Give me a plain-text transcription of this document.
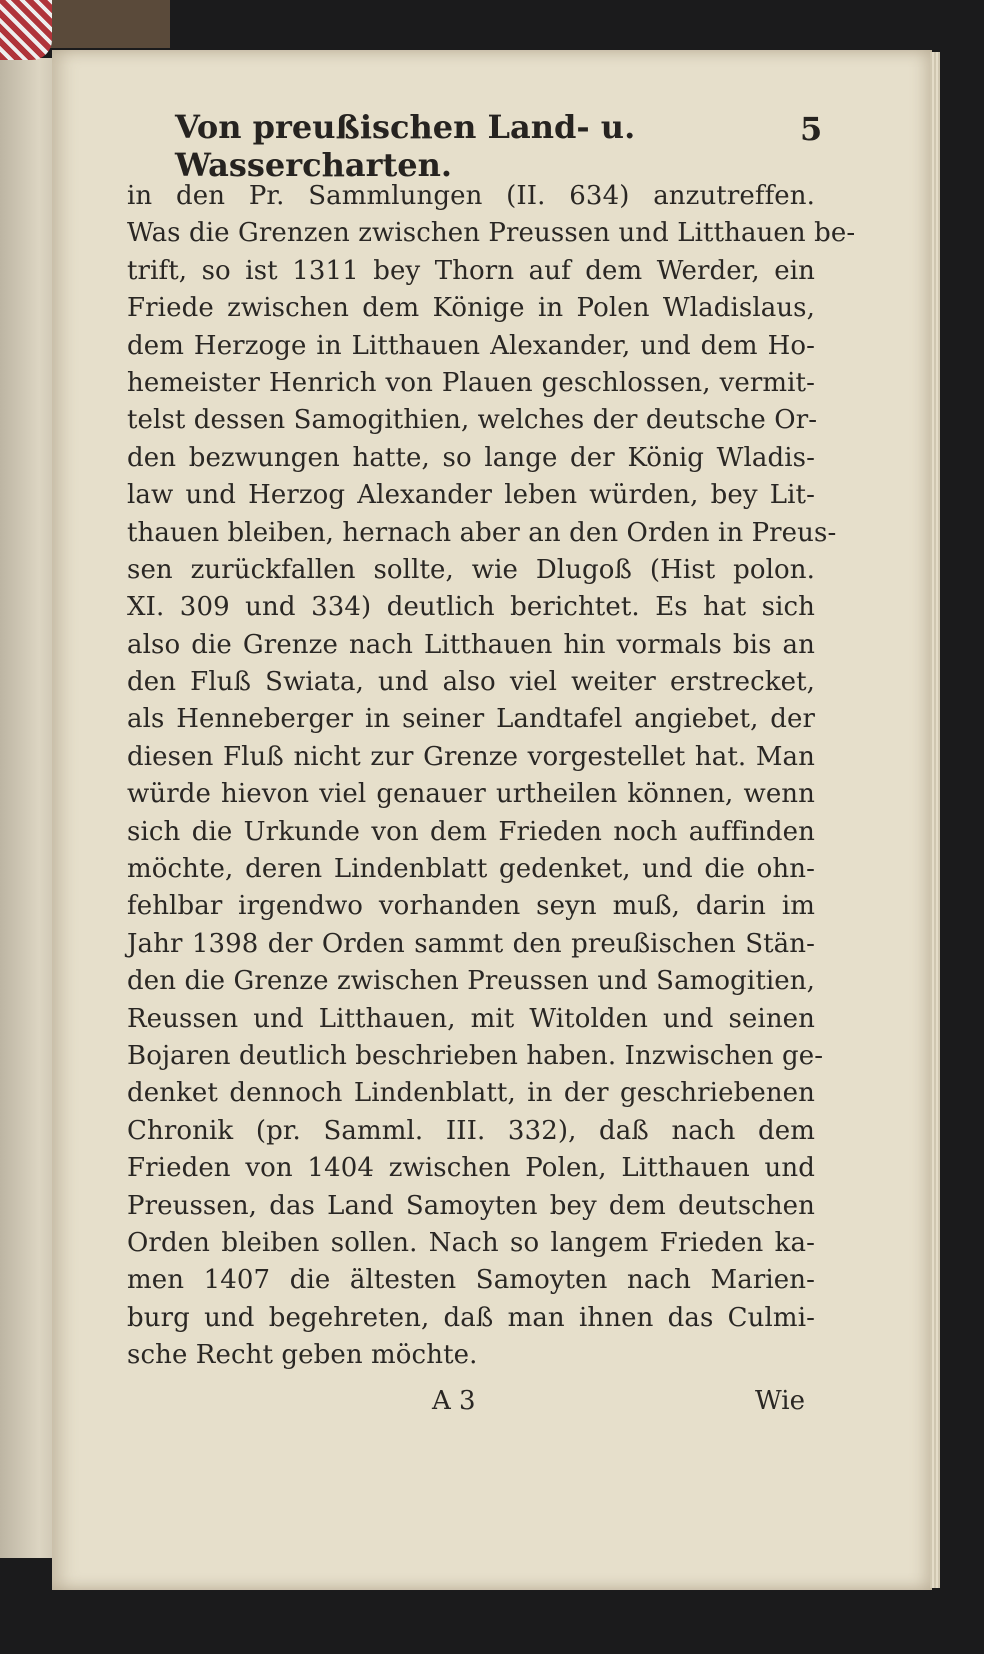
Von preußischen Land- u. Wassercharten.
5
in den Pr. Sammlungen (II. 634) anzutreffen.
Was die Grenzen zwischen Preussen und Litthauen be-
trift, so ist 1311 bey Thorn auf dem Werder, ein
Friede zwischen dem Könige in Polen Wladislaus,
dem Herzoge in Litthauen Alexander, und dem Ho-
hemeister Henrich von Plauen geschlossen, vermit-
telst dessen Samogithien, welches der deutsche Or-
den bezwungen hatte, so lange der König Wladis-
law und Herzog Alexander leben würden, bey Lit-
thauen bleiben, hernach aber an den Orden in Preus-
sen zurückfallen sollte, wie Dlugoß (Hist polon.
XI. 309 und 334) deutlich berichtet. Es hat sich
also die Grenze nach Litthauen hin vormals bis an
den Fluß Swiata, und also viel weiter erstrecket,
als Henneberger in seiner Landtafel angiebet, der
diesen Fluß nicht zur Grenze vorgestellet hat. Man
würde hievon viel genauer urtheilen können, wenn
sich die Urkunde von dem Frieden noch auffinden
möchte, deren Lindenblatt gedenket, und die ohn-
fehlbar irgendwo vorhanden seyn muß, darin im
Jahr 1398 der Orden sammt den preußischen Stän-
den die Grenze zwischen Preussen und Samogitien,
Reussen und Litthauen, mit Witolden und seinen
Bojaren deutlich beschrieben haben. Inzwischen ge-
denket dennoch Lindenblatt, in der geschriebenen
Chronik (pr. Samml. III. 332), daß nach dem
Frieden von 1404 zwischen Polen, Litthauen und
Preussen, das Land Samoyten bey dem deutschen
Orden bleiben sollen. Nach so langem Frieden ka-
men 1407 die ältesten Samoyten nach Marien-
burg und begehreten, daß man ihnen das Culmi-
sche Recht geben möchte.
A 3	Wie
